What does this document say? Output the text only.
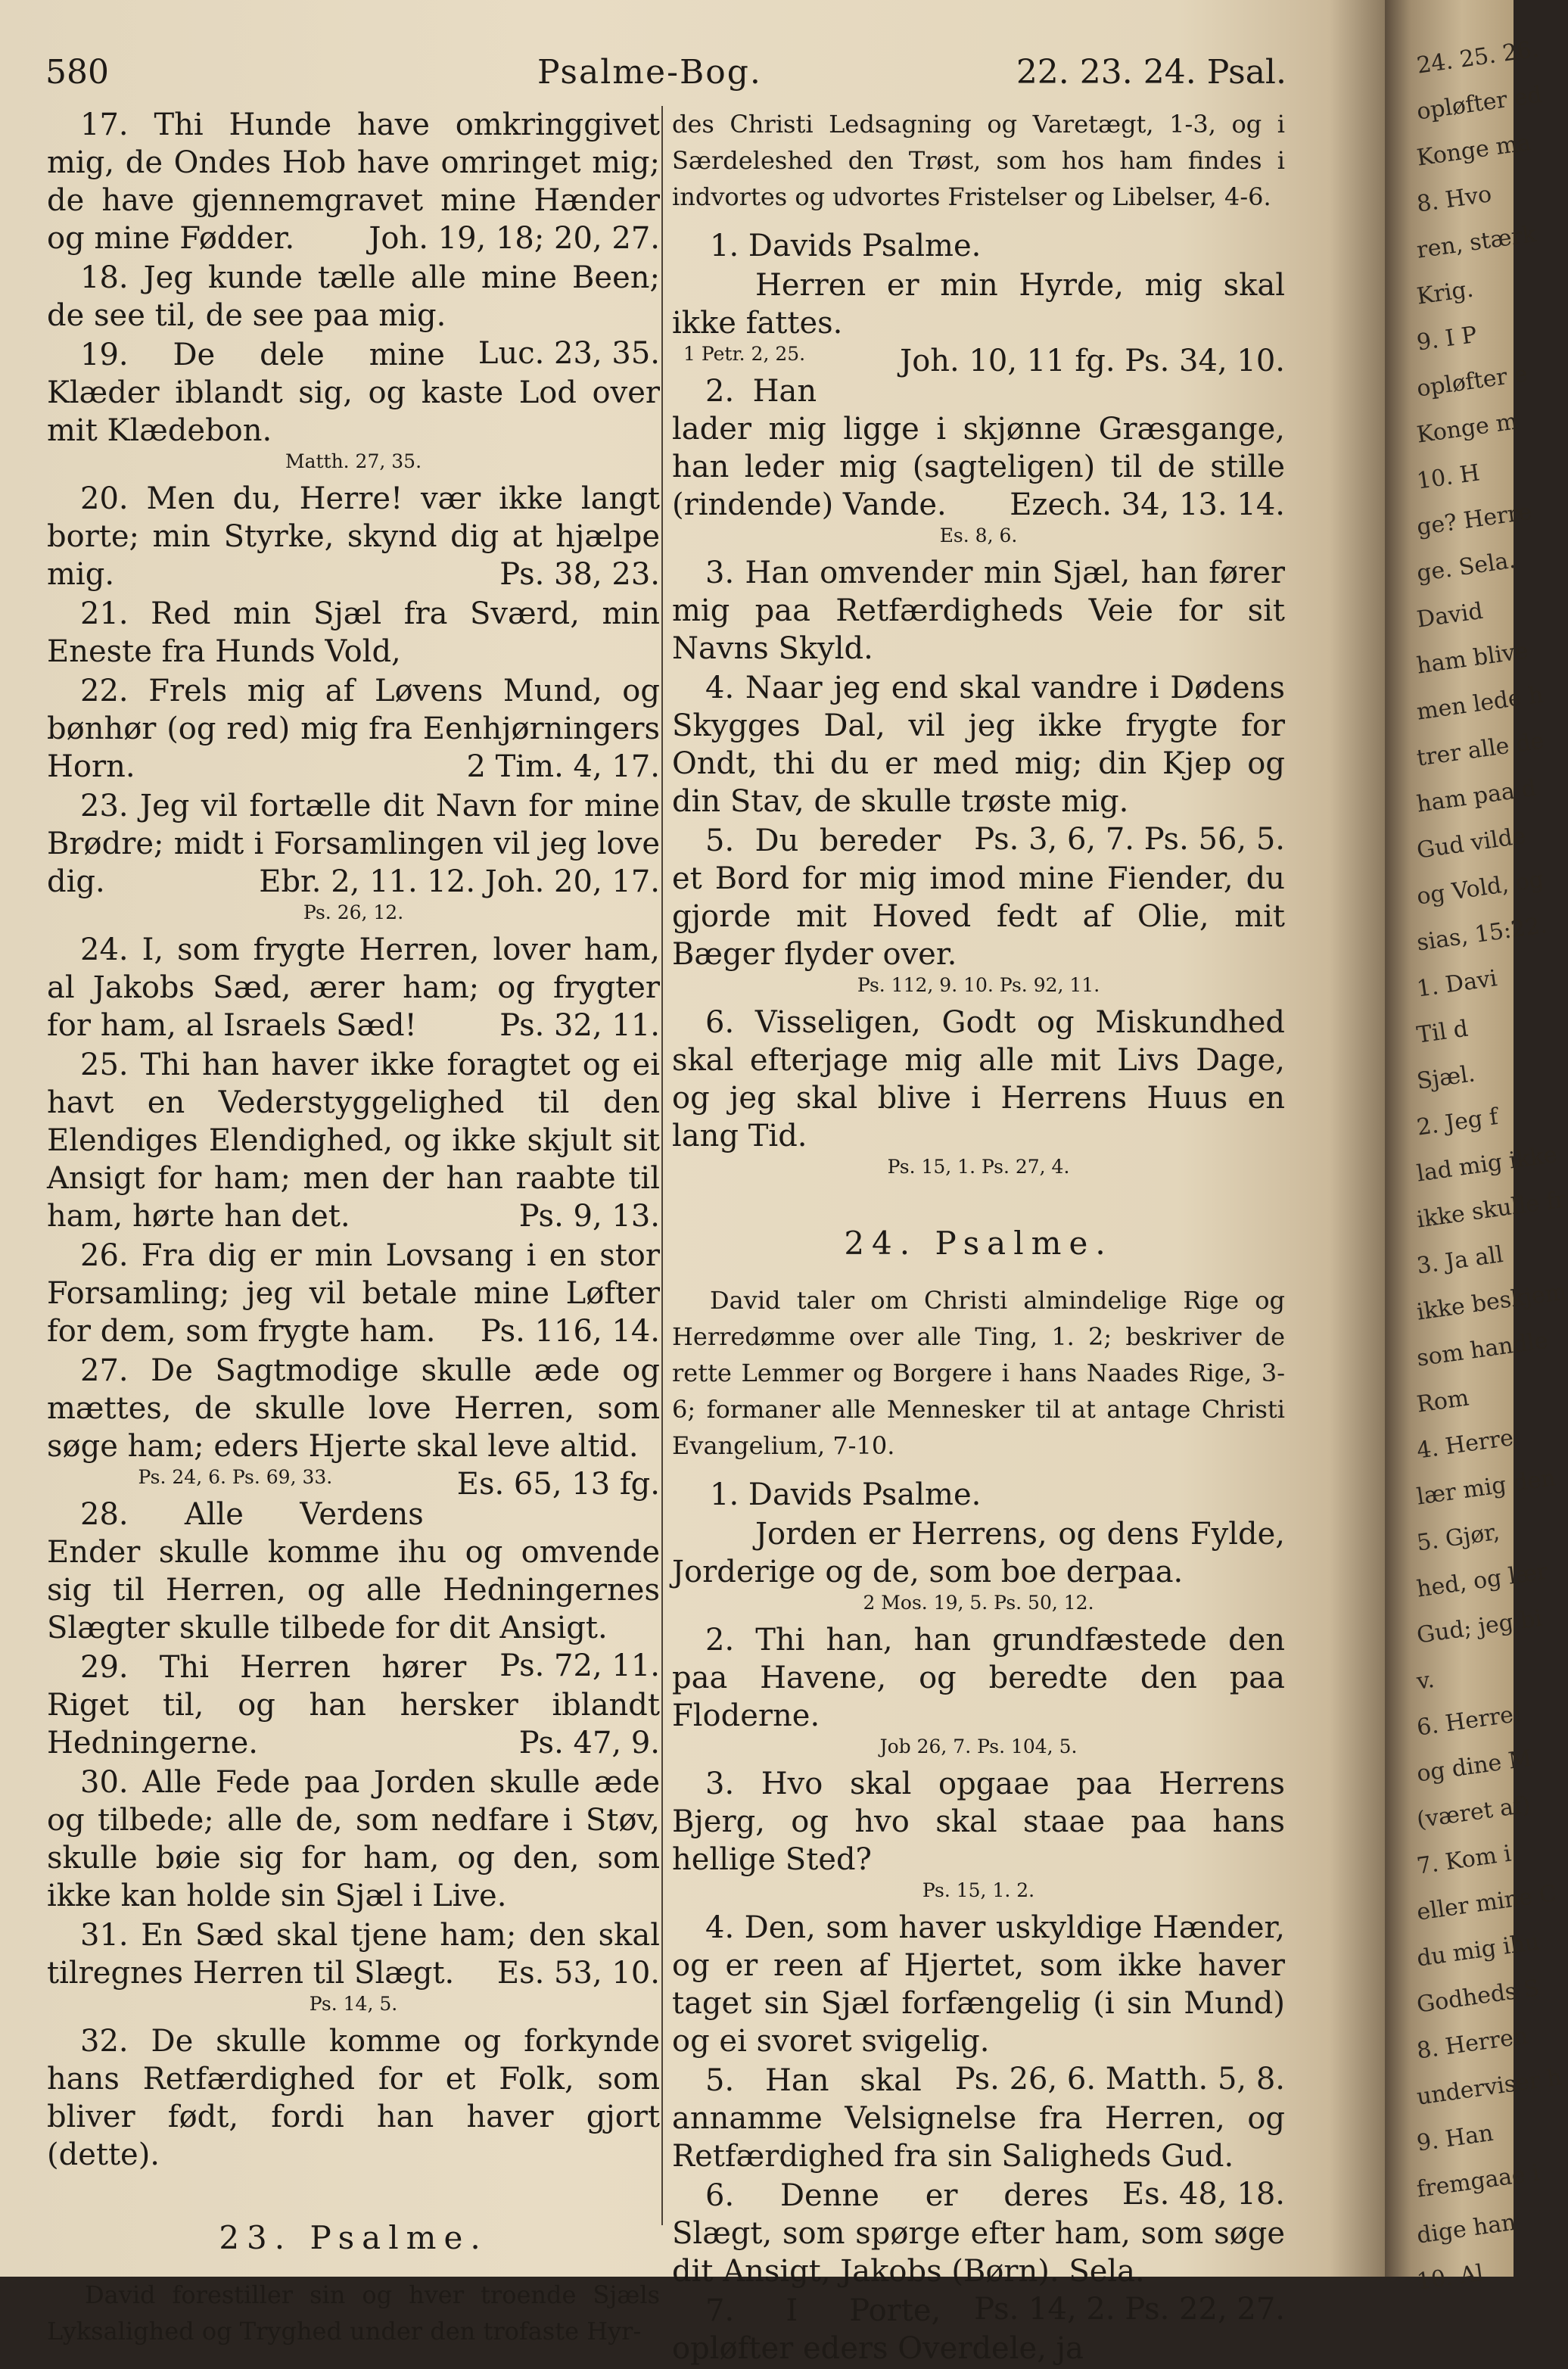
580	Psalme-Bog.	22. 23. 24. Psal.
17. Thi Hunde have omkringgivet mig, de Ondes Hob have omringet mig; de have gjennemgravet mine Hænder og mine Fødder.	Joh. 19, 18; 20, 27.
18. Jeg kunde tælle alle mine Been; de see til, de see paa mig.
Luc. 23, 35.
19. De dele mine Klæder iblandt sig, og kaste Lod over mit Klædebon.
Matth. 27, 35.
20. Men du, Herre! vær ikke langt borte; min Styrke, skynd dig at hjælpe mig.	Ps. 38, 23.
21. Red min Sjæl fra Sværd, min Eneste fra Hunds Vold,
22. Frels mig af Løvens Mund, og bønhør (og red) mig fra Eenhjørningers Horn.	2 Tim. 4, 17.
23. Jeg vil fortælle dit Navn for mine Brødre; midt i Forsamlingen vil jeg love dig.	Ebr. 2, 11. 12. Joh. 20, 17.
Ps. 26, 12.
24. I, som frygte Herren, lover ham, al Jakobs Sæd, ærer ham; og frygter for ham, al Israels Sæd!	Ps. 32, 11.
25. Thi han haver ikke foragtet og ei havt en Vederstyggelighed til den Elendiges Elendighed, og ikke skjult sit Ansigt for ham; men der han raabte til ham, hørte han det.	Ps. 9, 13.
26. Fra dig er min Lovsang i en stor Forsamling; jeg vil betale mine Løfter for dem, som frygte ham.	Ps. 116, 14.
27. De Sagtmodige skulle æde og mættes, de skulle love Herren, som søge ham; eders Hjerte skal leve altid.
Es. 65, 13 fg.
Ps. 24, 6. Ps. 69, 33.
28. Alle Verdens Ender skulle komme ihu og omvende sig til Herren, og alle Hedningernes Slægter skulle tilbede for dit Ansigt.
Ps. 72, 11.
29. Thi Herren hører Riget til, og han hersker iblandt Hedningerne.	Ps. 47, 9.
30. Alle Fede paa Jorden skulle æde og tilbede; alle de, som nedfare i Støv, skulle bøie sig for ham, og den, som ikke kan holde sin Sjæl i Live.
31. En Sæd skal tjene ham; den skal tilregnes Herren til Slægt.	Es. 53, 10.
Ps. 14, 5.
32. De skulle komme og forkynde hans Retfærdighed for et Folk, som bliver født, fordi han haver gjort (dette).
23. Psalme.
David forestiller sin og hver troende Sjæls Lyksalighed og Tryghed under den trofaste Hyr-
des Christi Ledsagning og Varetægt, 1-3, og i Særdeleshed den Trøst, som hos ham findes i indvortes og udvortes Fristelser og Libelser, 4-6.
1. Davids Psalme.
Herren er min Hyrde, mig skal ikke fattes.
Joh. 10, 11 fg. Ps. 34, 10.
1 Petr. 2, 25.
2. Han lader mig ligge i skjønne Græsgange, han leder mig (sagteligen) til de stille (rindende) Vande.	Ezech. 34, 13. 14.
Es. 8, 6.
3. Han omvender min Sjæl, han fører mig paa Retfærdigheds Veie for sit Navns Skyld.
4. Naar jeg end skal vandre i Dødens Skygges Dal, vil jeg ikke frygte for Ondt, thi du er med mig; din Kjep og din Stav, de skulle trøste mig.
Ps. 3, 6, 7. Ps. 56, 5.
5. Du bereder et Bord for mig imod mine Fiender, du gjorde mit Hoved fedt af Olie, mit Bæger flyder over.
Ps. 112, 9. 10. Ps. 92, 11.
6. Visseligen, Godt og Miskundhed skal efterjage mig alle mit Livs Dage, og jeg skal blive i Herrens Huus en lang Tid.
Ps. 15, 1. Ps. 27, 4.
24. Psalme.
David taler om Christi almindelige Rige og Herredømme over alle Ting, 1. 2; beskriver de rette Lemmer og Borgere i hans Naades Rige, 3-6; formaner alle Mennesker til at antage Christi Evangelium, 7-10.
1. Davids Psalme.
Jorden er Herrens, og dens Fylde, Jorderige og de, som boe derpaa.
2 Mos. 19, 5. Ps. 50, 12.
2. Thi han, han grundfæstede den paa Havene, og beredte den paa Floderne.
Job 26, 7. Ps. 104, 5.
3. Hvo skal opgaae paa Herrens Bjerg, og hvo skal staae paa hans hellige Sted?
Ps. 15, 1. 2.
4. Den, som haver uskyldige Hænder, og er reen af Hjertet, som ikke haver taget sin Sjæl forfængelig (i sin Mund) og ei svoret svigelig.
Ps. 26, 6. Matth. 5, 8.
5. Han skal annamme Velsignelse fra Herren, og Retfærdighed fra sin Saligheds Gud.
Es. 48, 18.
6. Denne er deres Slægt, som spørge efter ham, som søge dit Ansigt, Jakobs (Børn). Sela.
Ps. 14, 2. Ps. 22, 27.
7. I Porte, opløfter eders Overdele, ja
24. 25. 26.
opløfter ed
Konge ma
8. Hvo
ren, stærk
Krig.
9. I P
opløfter e
Konge m
10. H
ge? Herre
ge. Sela.
David
ham blive
men lede h
trer alle de
ham paa d
Gud vilde
og Vold, og
sias, 15:22.
1. Davi
Til d
Sjæl.
2. Jeg f
lad mig ikke
ikke skulle fr
3. Ja all
ikke beskjem
som handle
Rom
4. Herre
lær mig den
5. Gjør,
hed, og lær
Gud; jeg bi
v.
6. Herre!
og dine M
(været af)
7. Kom i
eller mine C
du mig ihu
Godheds S
8. Herren
underviser h
9. Han
fremgaae i
dige han
10. Al
